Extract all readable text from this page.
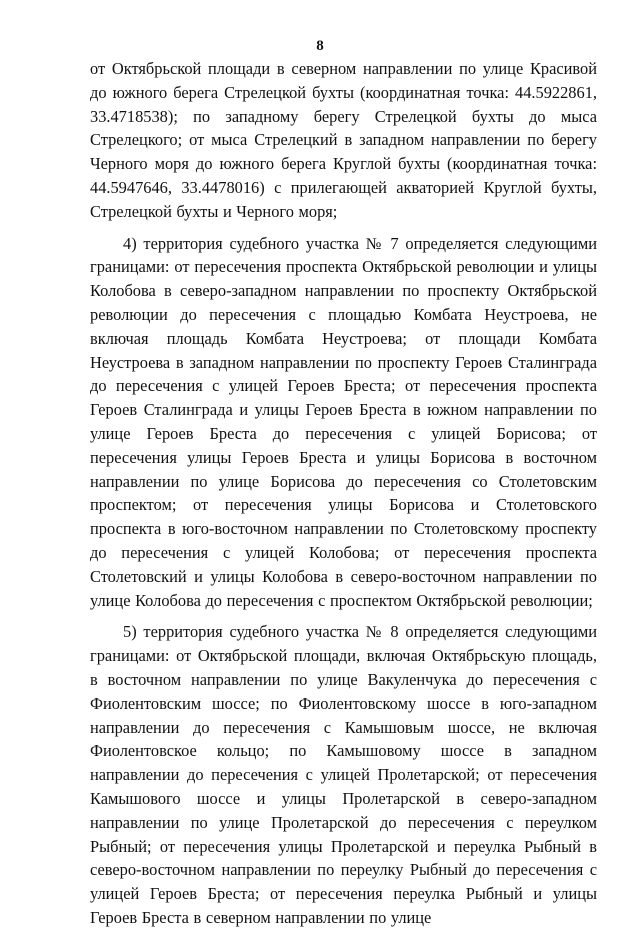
8

от Октябрьской площади в северном направлении по улице Красивой до южного берега Стрелецкой бухты (координатная точка: 44.5922861, 33.4718538); по западному берегу Стрелецкой бухты до мыса Стрелецкого; от мыса Стрелецкий в западном направлении по берегу Черного моря до южного берега Круглой бухты (координатная точка: 44.5947646, 33.4478016) с прилегающей акваторией Круглой бухты, Стрелецкой бухты и Черного моря;

4) территория судебного участка № 7 определяется следующими границами: от пересечения проспекта Октябрьской революции и улицы Колобова в северо-западном направлении по проспекту Октябрьской революции до пересечения с площадью Комбата Неустроева, не включая площадь Комбата Неустроева; от площади Комбата Неустроева в западном направлении по проспекту Героев Сталинграда до пересечения с улицей Героев Бреста; от пересечения проспекта Героев Сталинграда и улицы Героев Бреста в южном направлении по улице Героев Бреста до пересечения с улицей Борисова; от пересечения улицы Героев Бреста и улицы Борисова в восточном направлении по улице Борисова до пересечения со Столетовским проспектом; от пересечения улицы Борисова и Столетовского проспекта в юго-восточном направлении по Столетовскому проспекту до пересечения с улицей Колобова; от пересечения проспекта Столетовский и улицы Колобова в северо-восточном направлении по улице Колобова до пересечения с проспектом Октябрьской революции;

5) территория судебного участка № 8 определяется следующими границами: от Октябрьской площади, включая Октябрьскую площадь, в восточном направлении по улице Вакуленчука до пересечения с Фиолентовским шоссе; по Фиолентовскому шоссе в юго-западном направлении до пересечения с Камышовым шоссе, не включая Фиолентовское кольцо; по Камышовому шоссе в западном направлении до пересечения с улицей Пролетарской; от пересечения Камышового шоссе и улицы Пролетарской в северо-западном направлении по улице Пролетарской до пересечения с переулком Рыбный; от пересечения улицы Пролетарской и переулка Рыбный в северо-восточном направлении по переулку Рыбный до пересечения с улицей Героев Бреста; от пересечения переулка Рыбный и улицы Героев Бреста в северном направлении по улице
